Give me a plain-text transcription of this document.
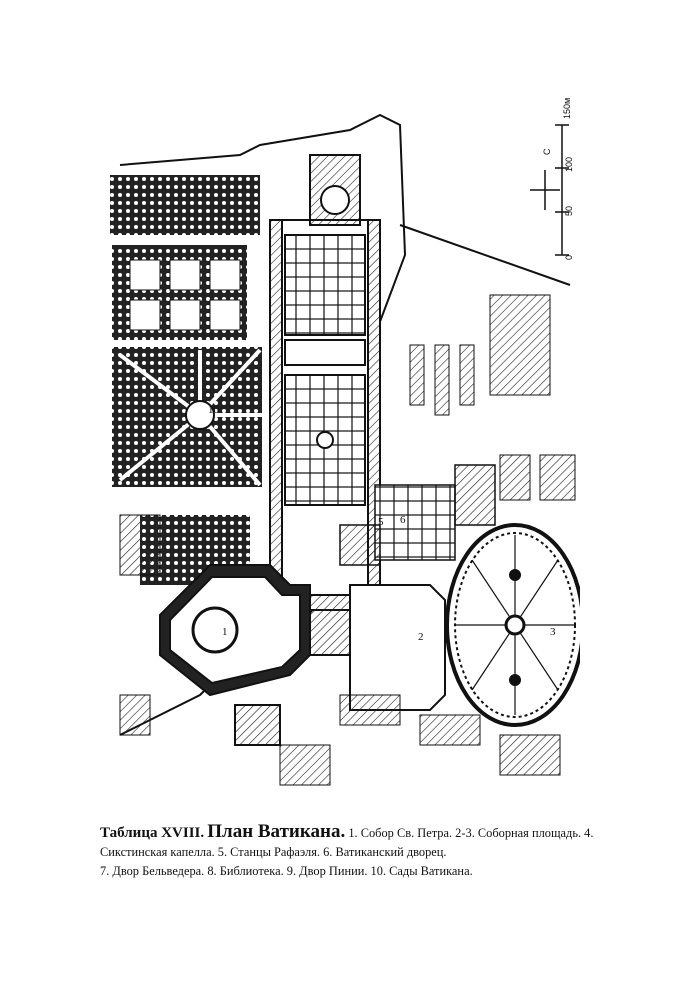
150м
0
50
100
С
1	2	3
5 6
10
Таблица XVIII. План Ватикана. 1. Собор Св. Петра. 2-3. Соборная площадь. 4.
Сикстинская капелла. 5. Станцы Рафаэля. 6. Ватиканский дворец.
7. Двор Бельведера. 8. Библиотека. 9. Двор Пинии. 10. Сады Ватикана.
